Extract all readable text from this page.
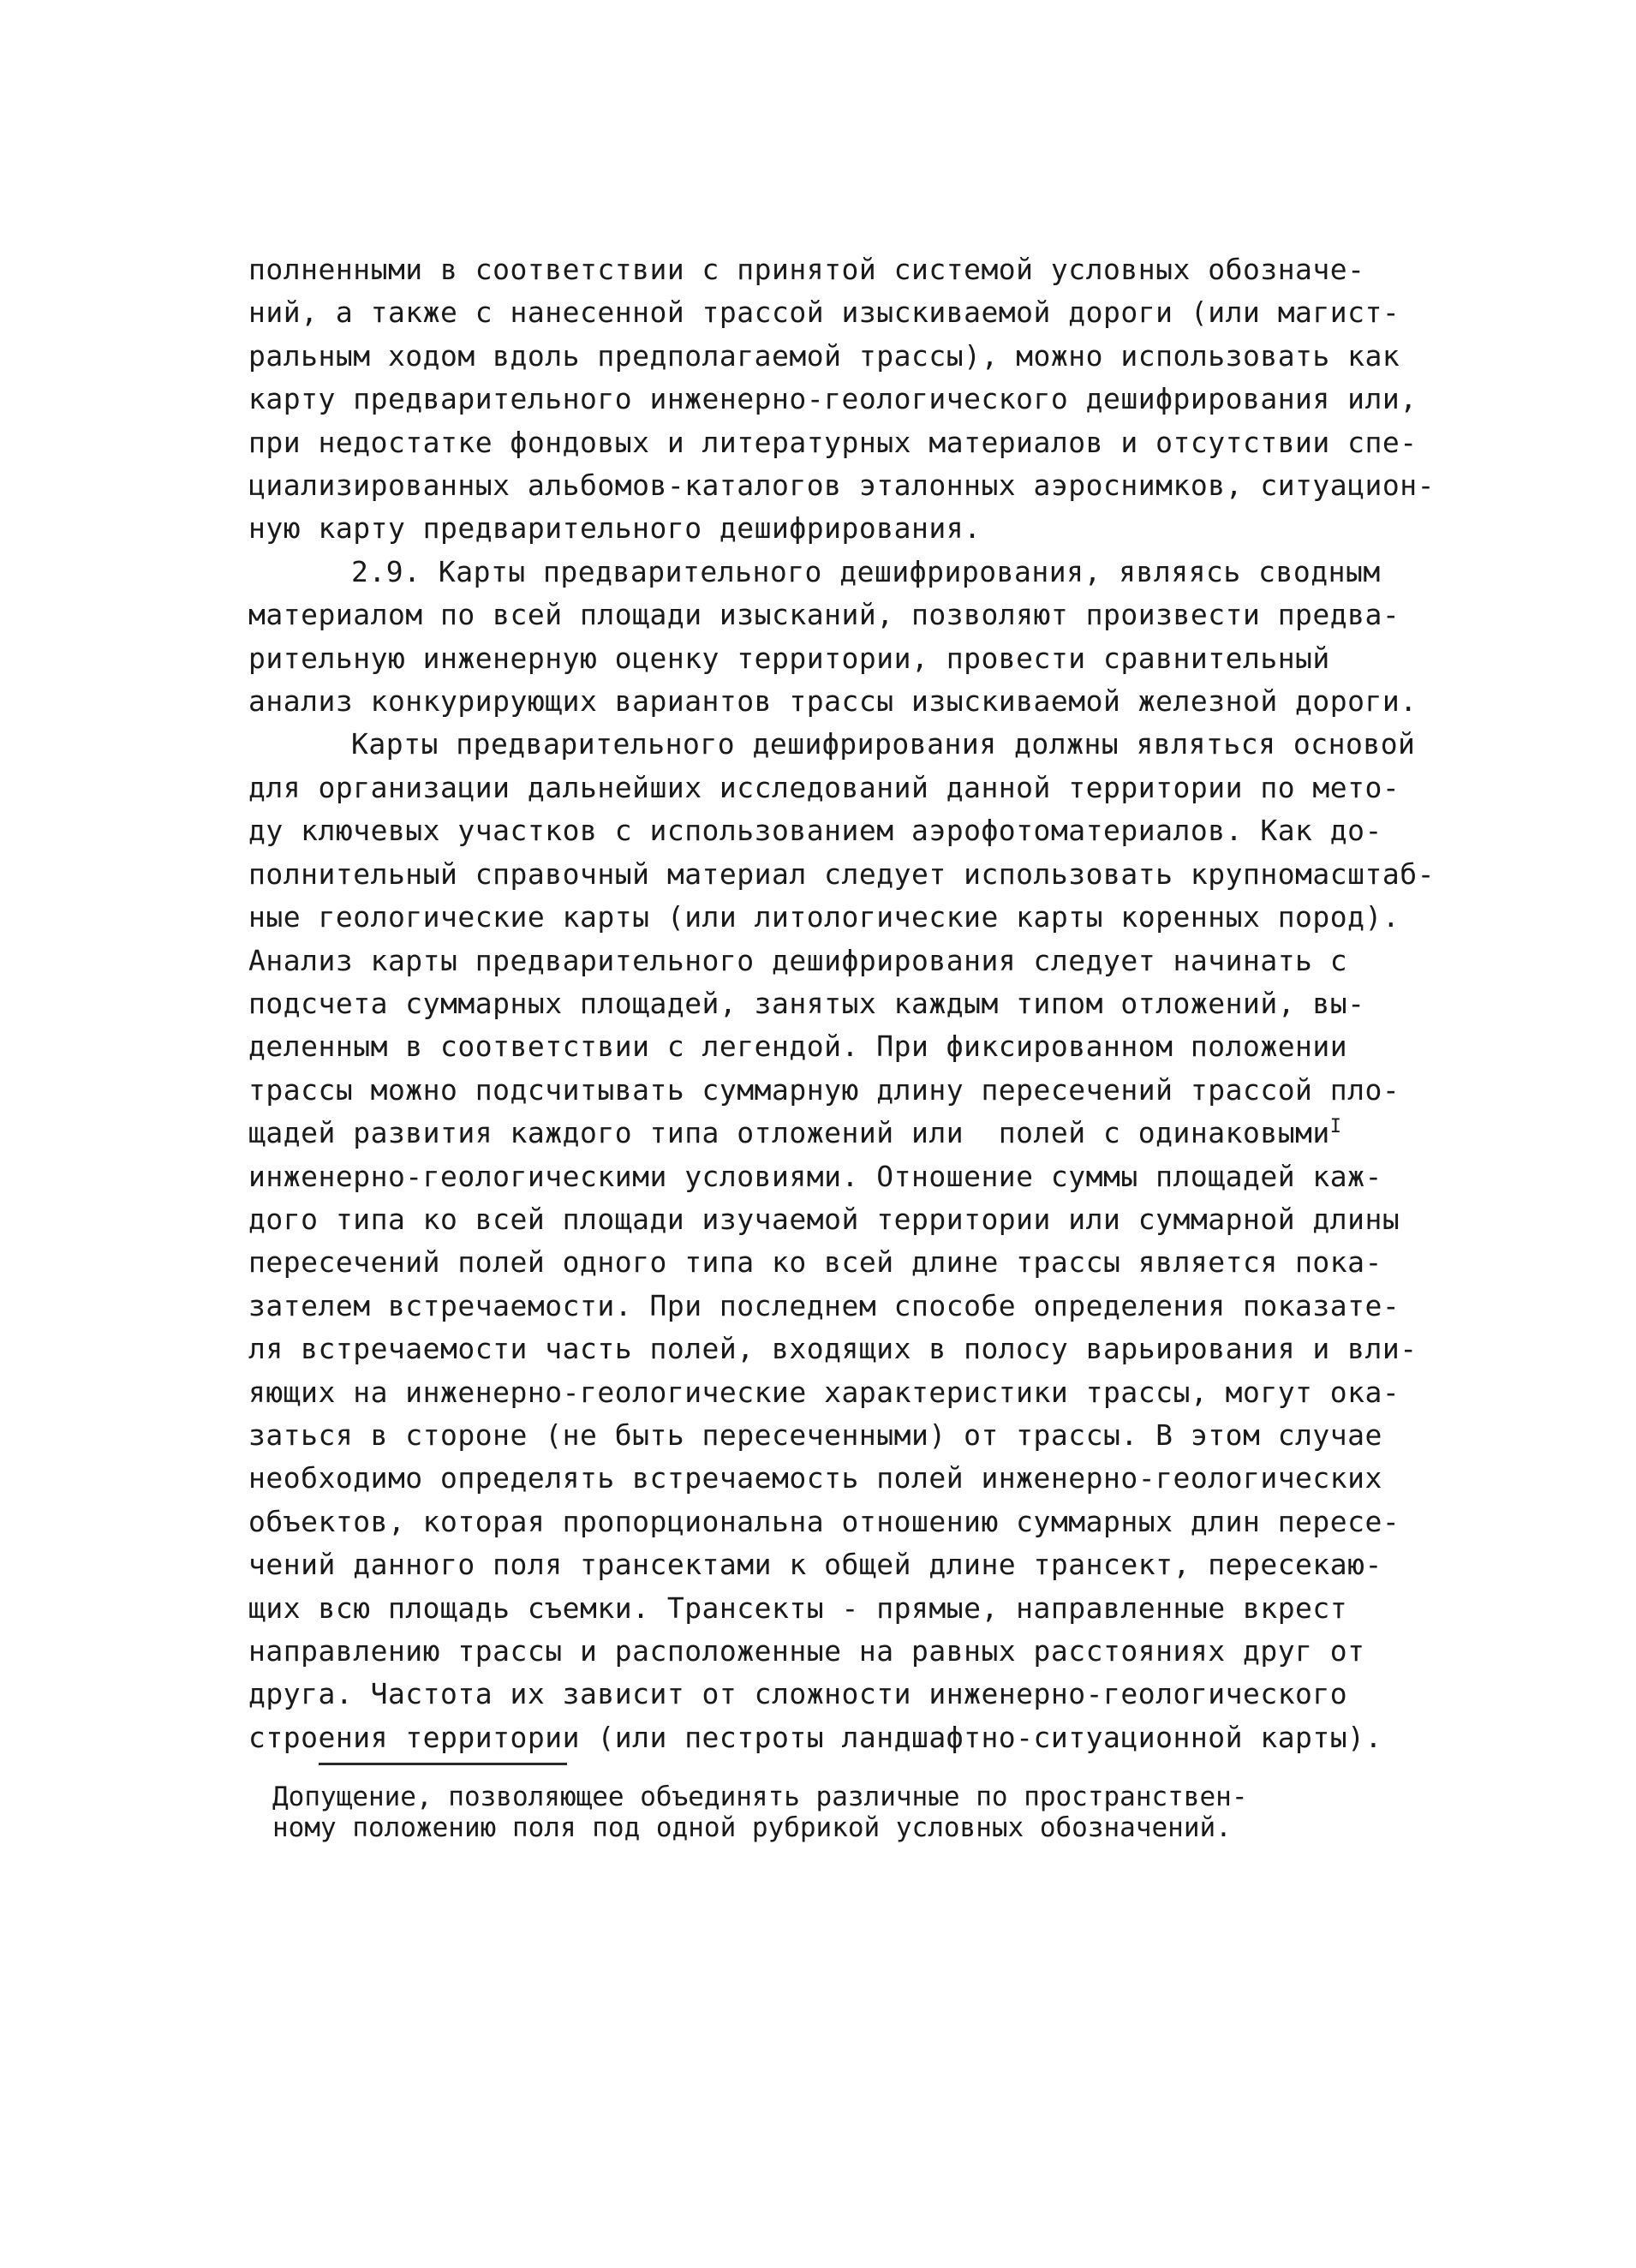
полненными в соответствии с принятой системой условных обозначе-
ний, а также с нанесенной трассой изыскиваемой дороги (или магист-
ральным ходом вдоль предполагаемой трассы), можно использовать как
карту предварительного инженерно-геологического дешифрирования или,
при недостатке фондовых и литературных материалов и отсутствии спе-
циализированных альбомов-каталогов эталонных аэроснимков, ситуацион-
ную карту предварительного дешифрирования.
2.9. Карты предварительного дешифрирования, являясь сводным
материалом по всей площади изысканий, позволяют произвести предва-
рительную инженерную оценку территории, провести сравнительный
анализ конкурирующих вариантов трассы изыскиваемой железной дороги.
Карты предварительного дешифрирования должны являться основой
для организации дальнейших исследований данной территории по мето-
ду ключевых участков с использованием аэрофотоматериалов. Как до-
полнительный справочный материал следует использовать крупномасштаб-
ные геологические карты (или литологические карты коренных пород).
Анализ карты предварительного дешифрирования следует начинать с
подсчета суммарных площадей, занятых каждым типом отложений, вы-
деленным в соответствии с легендой. При фиксированном положении
трассы можно подсчитывать суммарную длину пересечений трассой пло-
щадей развития каждого типа отложений или  полей с одинаковыми$^I$
инженерно-геологическими условиями. Отношение суммы площадей каж-
дого типа ко всей площади изучаемой территории или суммарной длины
пересечений полей одного типа ко всей длине трассы является пока-
зателем встречаемости. При последнем способе определения показате-
ля встречаемости часть полей, входящих в полосу варьирования и вли-
яющих на инженерно-геологические характеристики трассы, могут ока-
заться в стороне (не быть пересеченными) от трассы. В этом случае
необходимо определять встречаемость полей инженерно-геологических
объектов, которая пропорциональна отношению суммарных длин пересе-
чений данного поля трансектами к общей длине трансект, пересекаю-
щих всю площадь съемки. Трансекты - прямые, направленные вкрест
направлению трассы и расположенные на равных расстояниях друг от
друга. Частота их зависит от сложности инженерно-геологического
строения территории (или пестроты ландшафтно-ситуационной карты).
Допущение, позволяющее объединять различные по пространствен-
ному положению поля под одной рубрикой условных обозначений.
